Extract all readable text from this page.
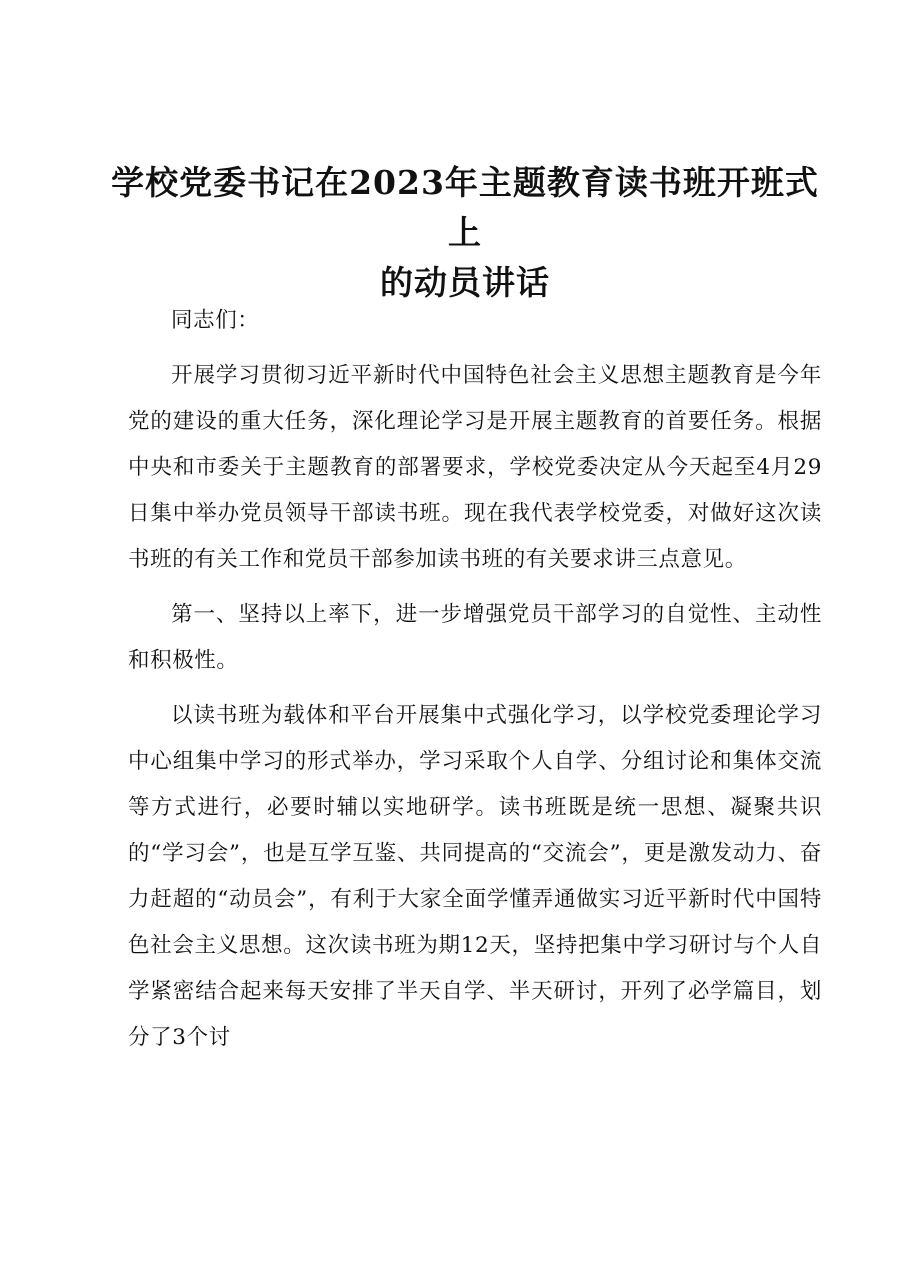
学校党委书记在2023年主题教育读书班开班式上
的动员讲话

同志们：

开展学习贯彻习近平新时代中国特色社会主义思想主题教育是今年党的建设的重大任务，深化理论学习是开展主题教育的首要任务。根据中央和市委关于主题教育的部署要求，学校党委决定从今天起至4月29日集中举办党员领导干部读书班。现在我代表学校党委，对做好这次读书班的有关工作和党员干部参加读书班的有关要求讲三点意见。

第一、坚持以上率下，进一步增强党员干部学习的自觉性、主动性和积极性。

以读书班为载体和平台开展集中式强化学习，以学校党委理论学习中心组集中学习的形式举办，学习采取个人自学、分组讨论和集体交流等方式进行，必要时辅以实地研学。读书班既是统一思想、凝聚共识的“学习会”，也是互学互鉴、共同提高的“交流会”，更是激发动力、奋力赶超的“动员会”，有利于大家全面学懂弄通做实习近平新时代中国特色社会主义思想。这次读书班为期12天，坚持把集中学习研讨与个人自学紧密结合起来每天安排了半天自学、半天研讨，开列了必学篇目，划分了3个讨
